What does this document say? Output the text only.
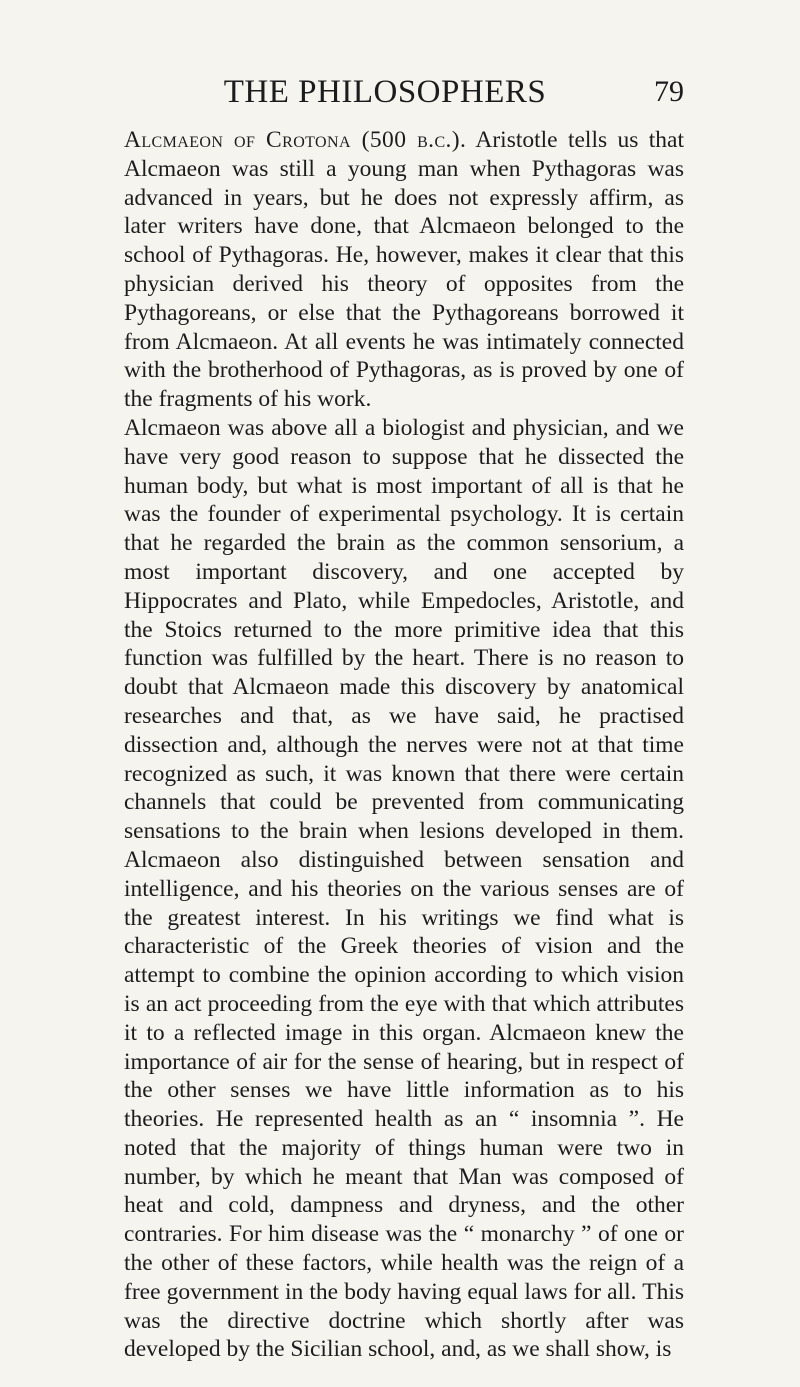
THE PHILOSOPHERS	79

Alcmaeon of Crotona (500 b.c.). Aristotle tells us that Alcmaeon was still a young man when Pythagoras was advanced in years, but he does not expressly affirm, as later writers have done, that Alcmaeon belonged to the school of Pythagoras. He, however, makes it clear that this physician derived his theory of opposites from the Pythagoreans, or else that the Pythagoreans borrowed it from Alcmaeon. At all events he was intimately connected with the brotherhood of Pythagoras, as is proved by one of the fragments of his work.

Alcmaeon was above all a biologist and physician, and we have very good reason to suppose that he dissected the human body, but what is most important of all is that he was the founder of experimental psychology. It is certain that he regarded the brain as the common sensorium, a most important discovery, and one accepted by Hippocrates and Plato, while Empedocles, Aristotle, and the Stoics returned to the more primitive idea that this function was fulfilled by the heart. There is no reason to doubt that Alcmaeon made this discovery by anatomical researches and that, as we have said, he practised dissection and, although the nerves were not at that time recognized as such, it was known that there were certain channels that could be prevented from communicating sensations to the brain when lesions developed in them. Alcmaeon also distinguished between sensation and intelligence, and his theories on the various senses are of the greatest interest. In his writings we find what is characteristic of the Greek theories of vision and the attempt to combine the opinion according to which vision is an act proceeding from the eye with that which attributes it to a reflected image in this organ. Alcmaeon knew the importance of air for the sense of hearing, but in respect of the other senses we have little information as to his theories. He represented health as an “ insomnia ”. He noted that the majority of things human were two in number, by which he meant that Man was composed of heat and cold, dampness and dryness, and the other contraries. For him disease was the “ monarchy ” of one or the other of these factors, while health was the reign of a free government in the body having equal laws for all. This was the directive doctrine which shortly after was developed by the Sicilian school, and, as we shall show, is
